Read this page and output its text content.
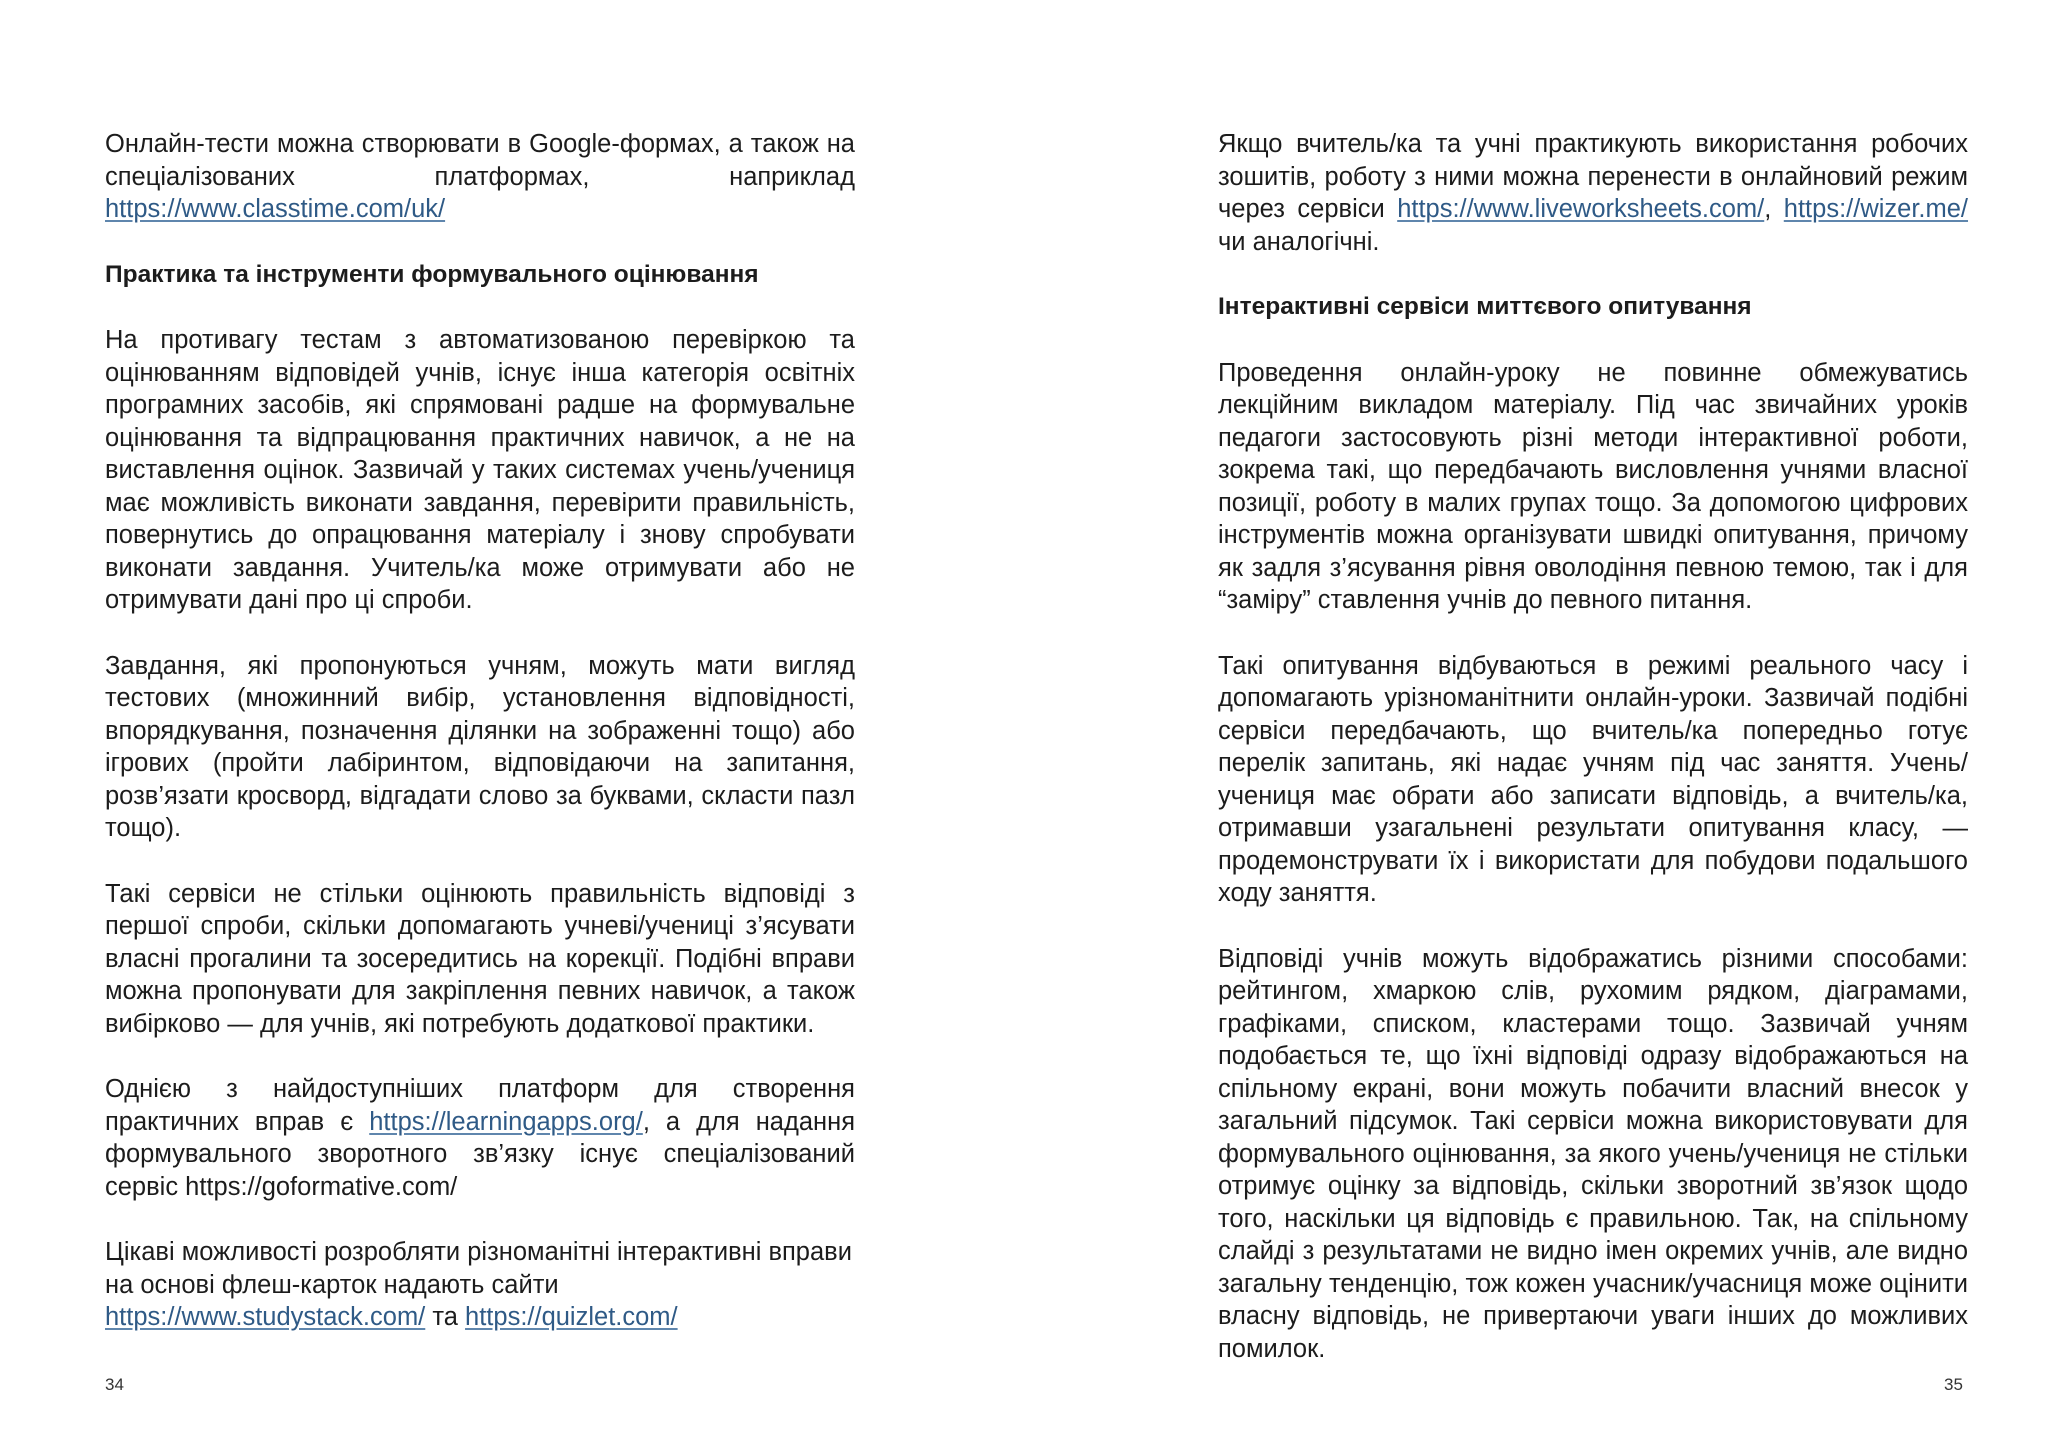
Онлайн-тести можна створювати в Google-формах, а також на спеціалізованих платформах, наприклад https://www.classtime.com/uk/

Практика та інструменти формувального оцінювання

На противагу тестам з автоматизованою перевіркою та оцінюванням відповідей учнів, існує інша категорія освітніх програмних засобів, які спрямовані радше на формувальне оцінювання та відпрацювання практичних навичок, а не на виставлення оцінок. Зазвичай у таких системах учень/учениця має можливість виконати завдання, перевірити правильність, повернутись до опрацювання матеріалу і знову спробувати виконати завдання. Учитель/ка може отримувати або не отримувати дані про ці спроби.

Завдання, які пропонуються учням, можуть мати вигляд тестових (множинний вибір, установлення відповідності, впорядкування, позначення ділянки на зображенні тощо) або ігрових (пройти лабіринтом, відповідаючи на запитання, розв’язати кросворд, відгадати слово за буквами, скласти пазл тощо).

Такі сервіси не стільки оцінюють правильність відповіді з першої спроби, скільки допомагають учневі/учениці з’ясувати власні прогалини та зосередитись на корекції. Подібні вправи можна пропонувати для закріплення певних навичок, а також вибірково — для учнів, які потребують додаткової практики.

Однією з найдоступніших платформ для створення практичних вправ є https://learningapps.org/, а для надання формувального зворотного зв’язку існує спеціалізований сервіс https://goformative.com/

Цікаві можливості розробляти різноманітні інтерактивні вправи на основі флеш-карток надають сайти
https://www.studystack.com/ та https://quizlet.com/

34

Якщо вчитель/ка та учні практикують використання робочих зошитів, роботу з ними можна перенести в онлайновий режим через сервіси https://www.liveworksheets.com/, https://wizer.me/ чи аналогічні.

Інтерактивні сервіси миттєвого опитування

Проведення онлайн-уроку не повинне обмежуватись лекційним викладом матеріалу. Під час звичайних уроків педагоги застосовують різні методи інтерактивної роботи, зокрема такі, що передбачають висловлення учнями власної позиції, роботу в малих групах тощо. За допомогою цифрових інструментів можна організувати швидкі опитування, причому як задля з’ясування рівня оволодіння певною темою, так і для “заміру” ставлення учнів до певного питання.

Такі опитування відбуваються в режимі реального часу і допомагають урізноманітнити онлайн-уроки. Зазвичай подібні сервіси передбачають, що вчитель/ка попередньо готує перелік запитань, які надає учням під час заняття. Учень/учениця має обрати або записати відповідь, а вчитель/ка, отримавши узагальнені результати опитування класу, — продемонструвати їх і використати для побудови подальшого ходу заняття.

Відповіді учнів можуть відображатись різними способами: рейтингом, хмаркою слів, рухомим рядком, діаграмами, графіками, списком, кластерами тощо. Зазвичай учням подобається те, що їхні відповіді одразу відображаються на спільному екрані, вони можуть побачити власний внесок у загальний підсумок. Такі сервіси можна використовувати для формувального оцінювання, за якого учень/учениця не стільки отримує оцінку за відповідь, скільки зворотний зв’язок щодо того, наскільки ця відповідь є правильною. Так, на спільному слайді з результатами не видно імен окремих учнів, але видно загальну тенденцію, тож кожен учасник/учасниця може оцінити власну відповідь, не привертаючи уваги інших до можливих помилок.

35
